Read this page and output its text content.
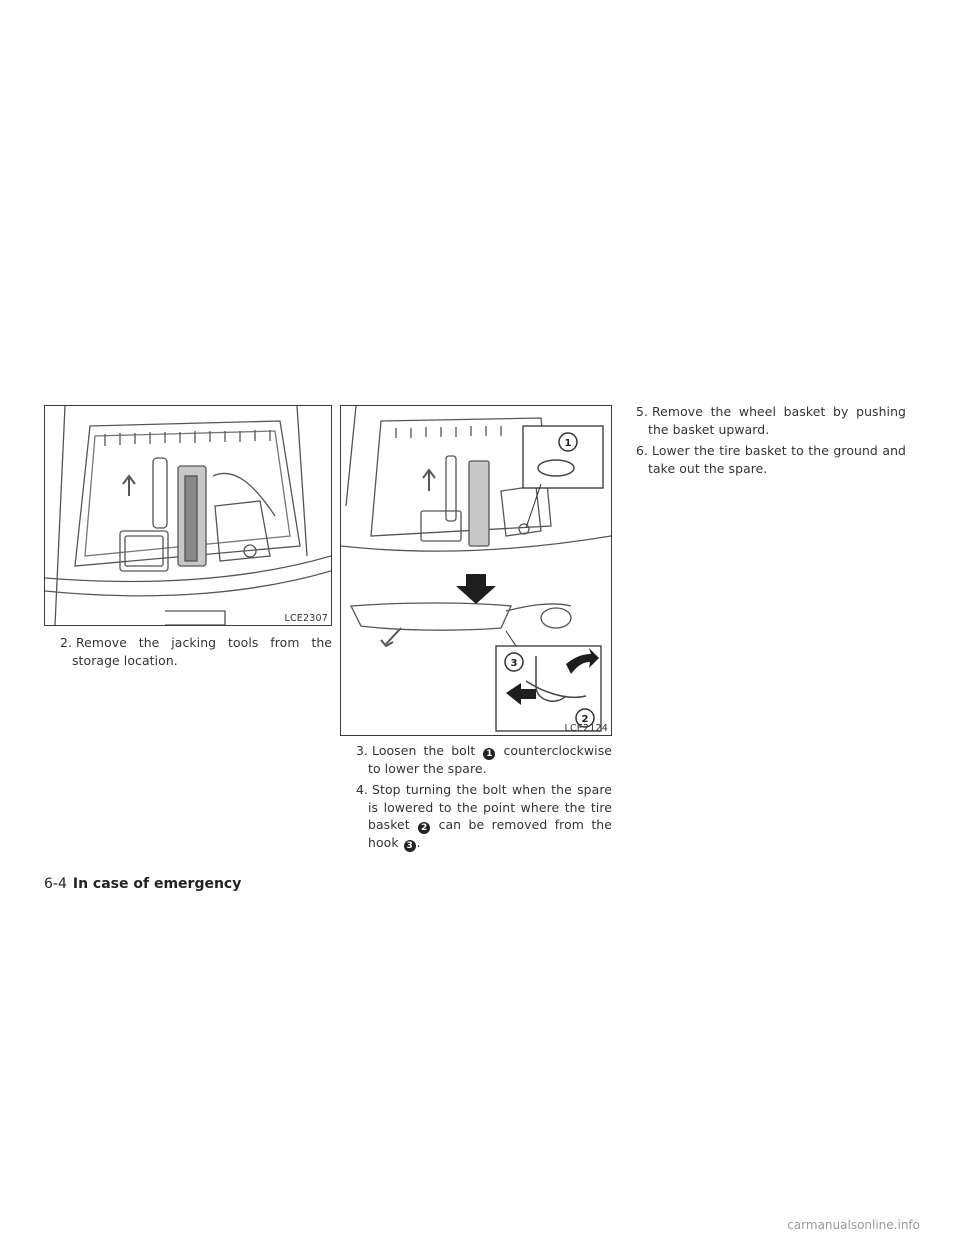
LCE2307
1
3
2
LCE2124
2. Remove the jacking tools from the storage location.
3. Loosen the bolt 1 counterclockwise to lower the spare.
4. Stop turning the bolt when the spare is lowered to the point where the tire basket 2 can be removed from the hook 3 .
5. Remove the wheel basket by pushing the basket upward.
6. Lower the tire basket to the ground and take out the spare.
6-4 In case of emergency
carmanualsonline.info
